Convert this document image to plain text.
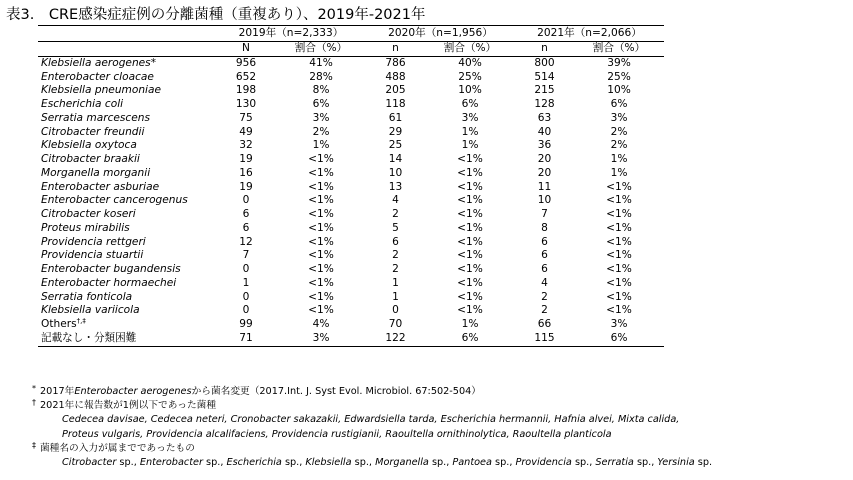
表3.　CRE感染症症例の分離菌種（重複あり）、2019年-2021年
	2019年（n=2,333）		2020年（n=1,956）		2021年（n=2,066）	
	N	割合（%）	n	割合（%）	n	割合（%）
Klebsiella aerogenes*	956	41%	786	40%	800	39%
Enterobacter cloacae	652	28%	488	25%	514	25%
Klebsiella pneumoniae	198	8%	205	10%	215	10%
Escherichia coli	130	6%	118	6%	128	6%
Serratia marcescens	75	3%	61	3%	63	3%
Citrobacter freundii	49	2%	29	1%	40	2%
Klebsiella oxytoca	32	1%	25	1%	36	2%
Citrobacter braakii	19	<1%	14	<1%	20	1%
Morganella morganii	16	<1%	10	<1%	20	1%
Enterobacter asburiae	19	<1%	13	<1%	11	<1%
Enterobacter cancerogenus	0	<1%	4	<1%	10	<1%
Citrobacter koseri	6	<1%	2	<1%	7	<1%
Proteus mirabilis	6	<1%	5	<1%	8	<1%
Providencia rettgeri	12	<1%	6	<1%	6	<1%
Providencia stuartii	7	<1%	2	<1%	6	<1%
Enterobacter bugandensis	0	<1%	2	<1%	6	<1%
Enterobacter hormaechei	1	<1%	1	<1%	4	<1%
Serratia fonticola	0	<1%	1	<1%	2	<1%
Klebsiella variicola	0	<1%	0	<1%	2	<1%
Others†,‡	99	4%	70	1%	66	3%
記載なし・分類困難	71	3%	122	6%	115	6%
* 2017年Enterobacter aerogenesから菌名変更（2017.Int. J. Syst Evol. Microbiol. 67:502-504）
† 2021年に報告数が1例以下であった菌種
Cedecea davisae, Cedecea neteri, Cronobacter sakazakii, Edwardsiella tarda, Escherichia hermannii, Hafnia alvei, Mixta calida,
Proteus vulgaris, Providencia alcalifaciens, Providencia rustigianii, Raoultella ornithinolytica, Raoultella planticola
‡ 菌種名の入力が属までであったもの
Citrobacter sp., Enterobacter sp., Escherichia sp., Klebsiella sp., Morganella sp., Pantoea sp., Providencia sp., Serratia sp., Yersinia sp.
